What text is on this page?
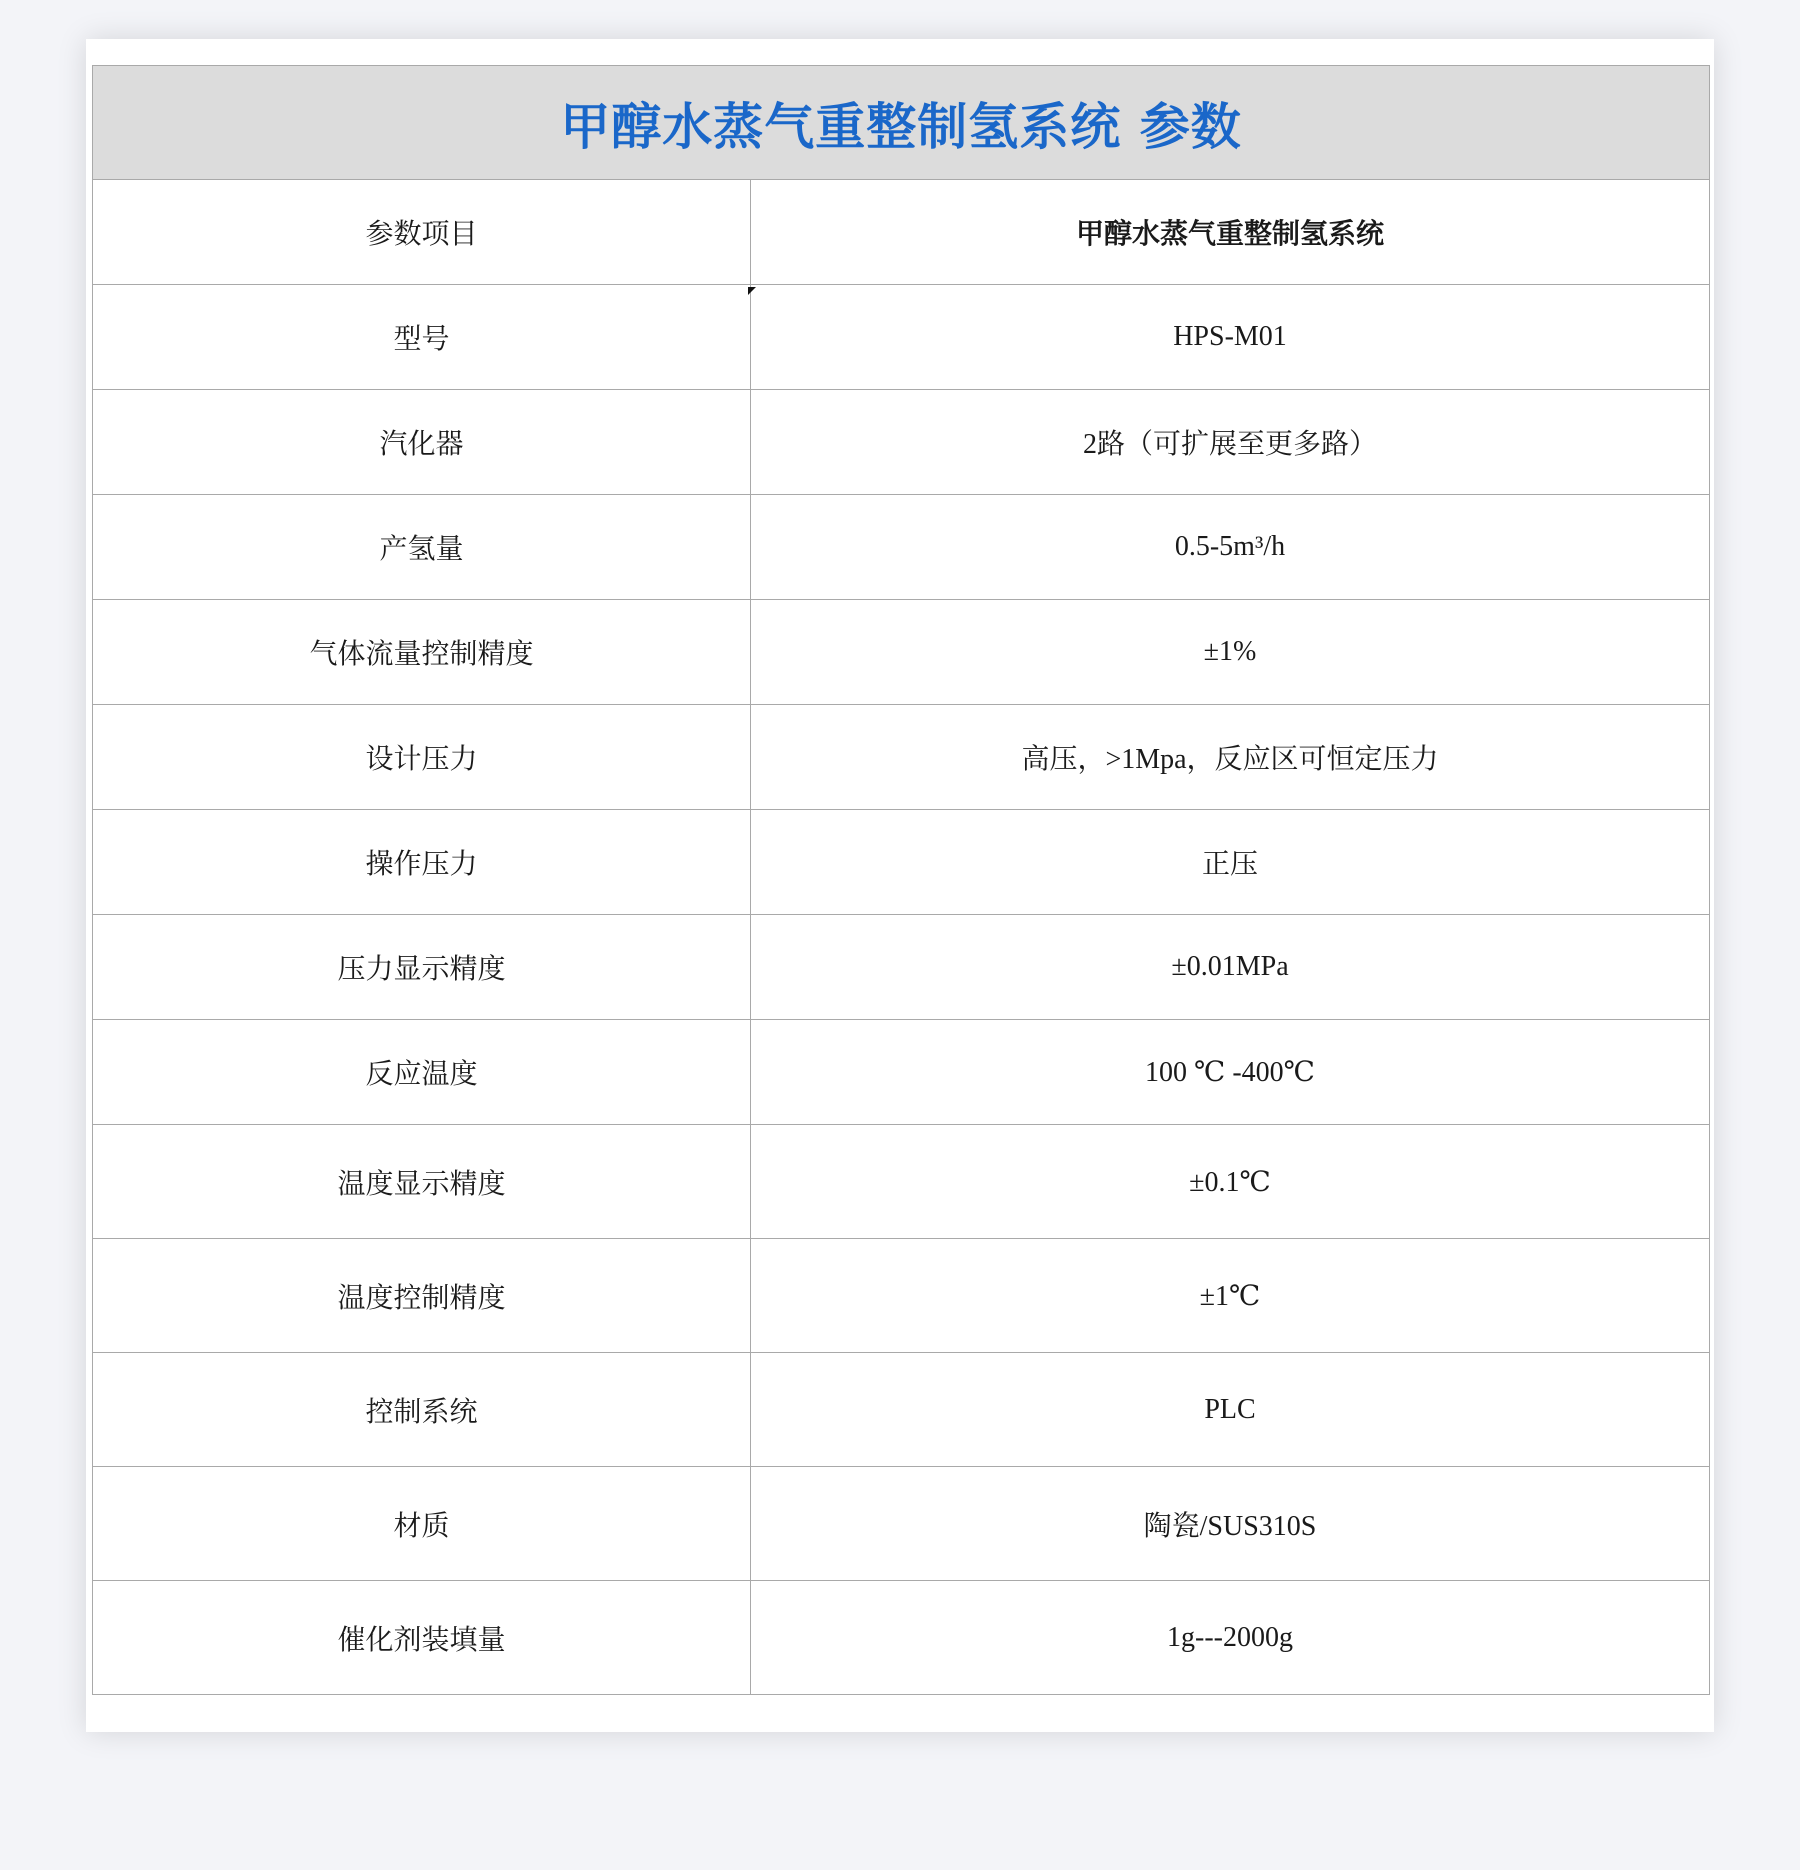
甲醇水蒸气重整制氢系统 参数	
参数项目	甲醇水蒸气重整制氢系统
型号	HPS-M01
汽化器	2路（可扩展至更多路）
产氢量	0.5-5m³/h
气体流量控制精度	±1%
设计压力	高压，>1Mpa，反应区可恒定压力
操作压力	正压
压力显示精度	±0.01MPa
反应温度	100 ℃ -400℃
温度显示精度	±0.1℃
温度控制精度	±1℃
控制系统	PLC
材质	陶瓷/SUS310S
催化剂装填量	1g---2000g
